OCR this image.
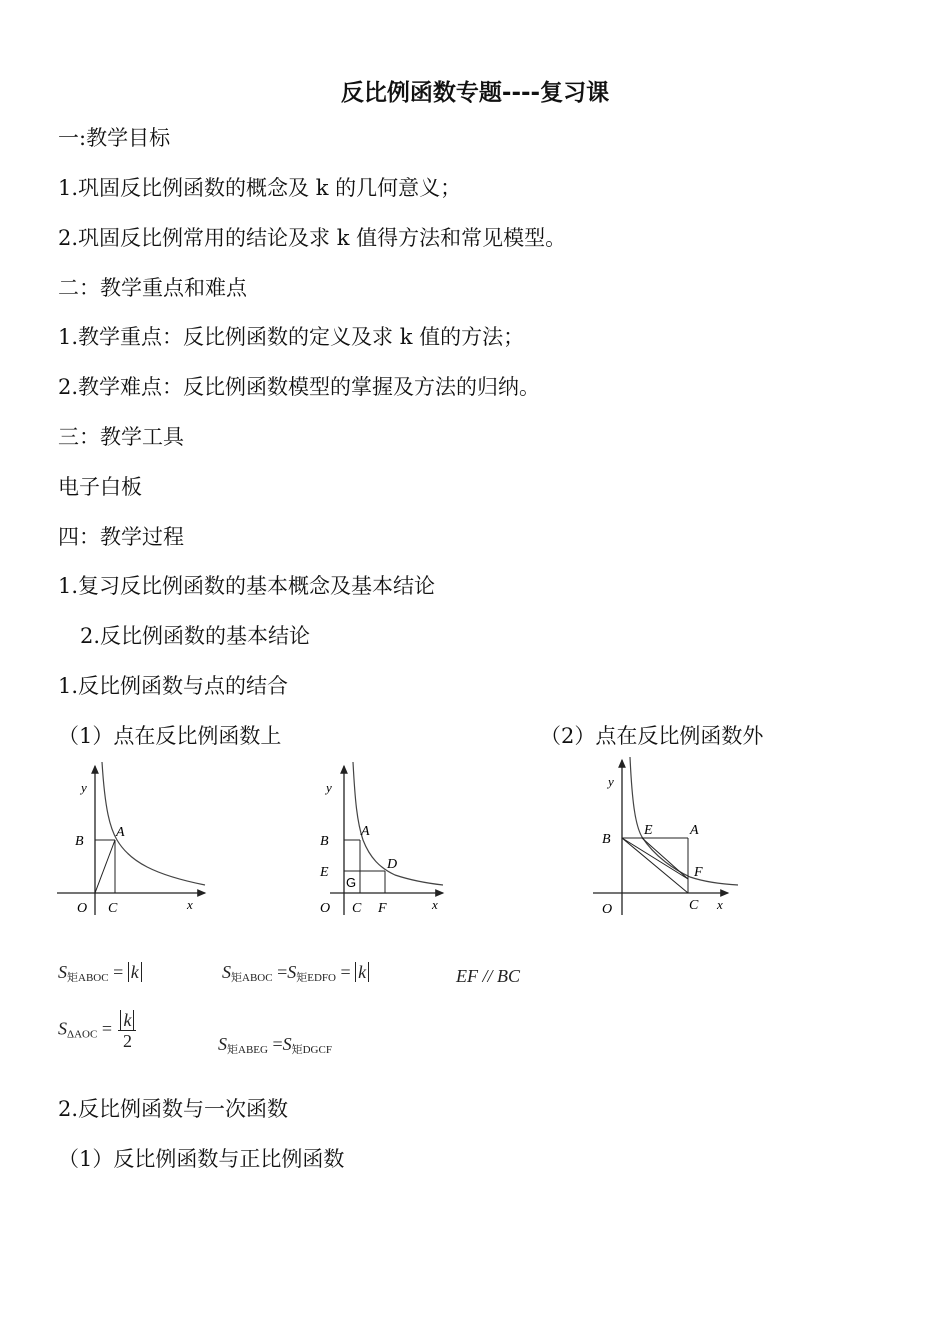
反比例函数专题----复习课
一:教学目标
1.巩固反比例函数的概念及 k 的几何意义；
2.巩固反比例常用的结论及求 k 值得方法和常见模型。
二：教学重点和难点
1.教学重点：反比例函数的定义及求 k 值的方法；
2.教学难点：反比例函数模型的掌握及方法的归纳。
三：教学工具
电子白板
四：教学过程
1.复习反比例函数的基本概念及基本结论
2.反比例函数的基本结论
1.反比例函数与点的结合
（1）点在反比例函数上	（2）点在反比例函数外
y
x
O
B
A
C
y
x
O
B
A
E
D
G
C F
y
x
O
B
E	A
F
C
$S_{矩ABOC} = k$	$S_{矩ABOC} =S_{矩EDFO} = k$	EF // BC
$S_{\Delta AOC} = \frac{k}{2}$	$S_{矩ABEG} =S_{矩DGCF}$
2.反比例函数与一次函数
（1）反比例函数与正比例函数
